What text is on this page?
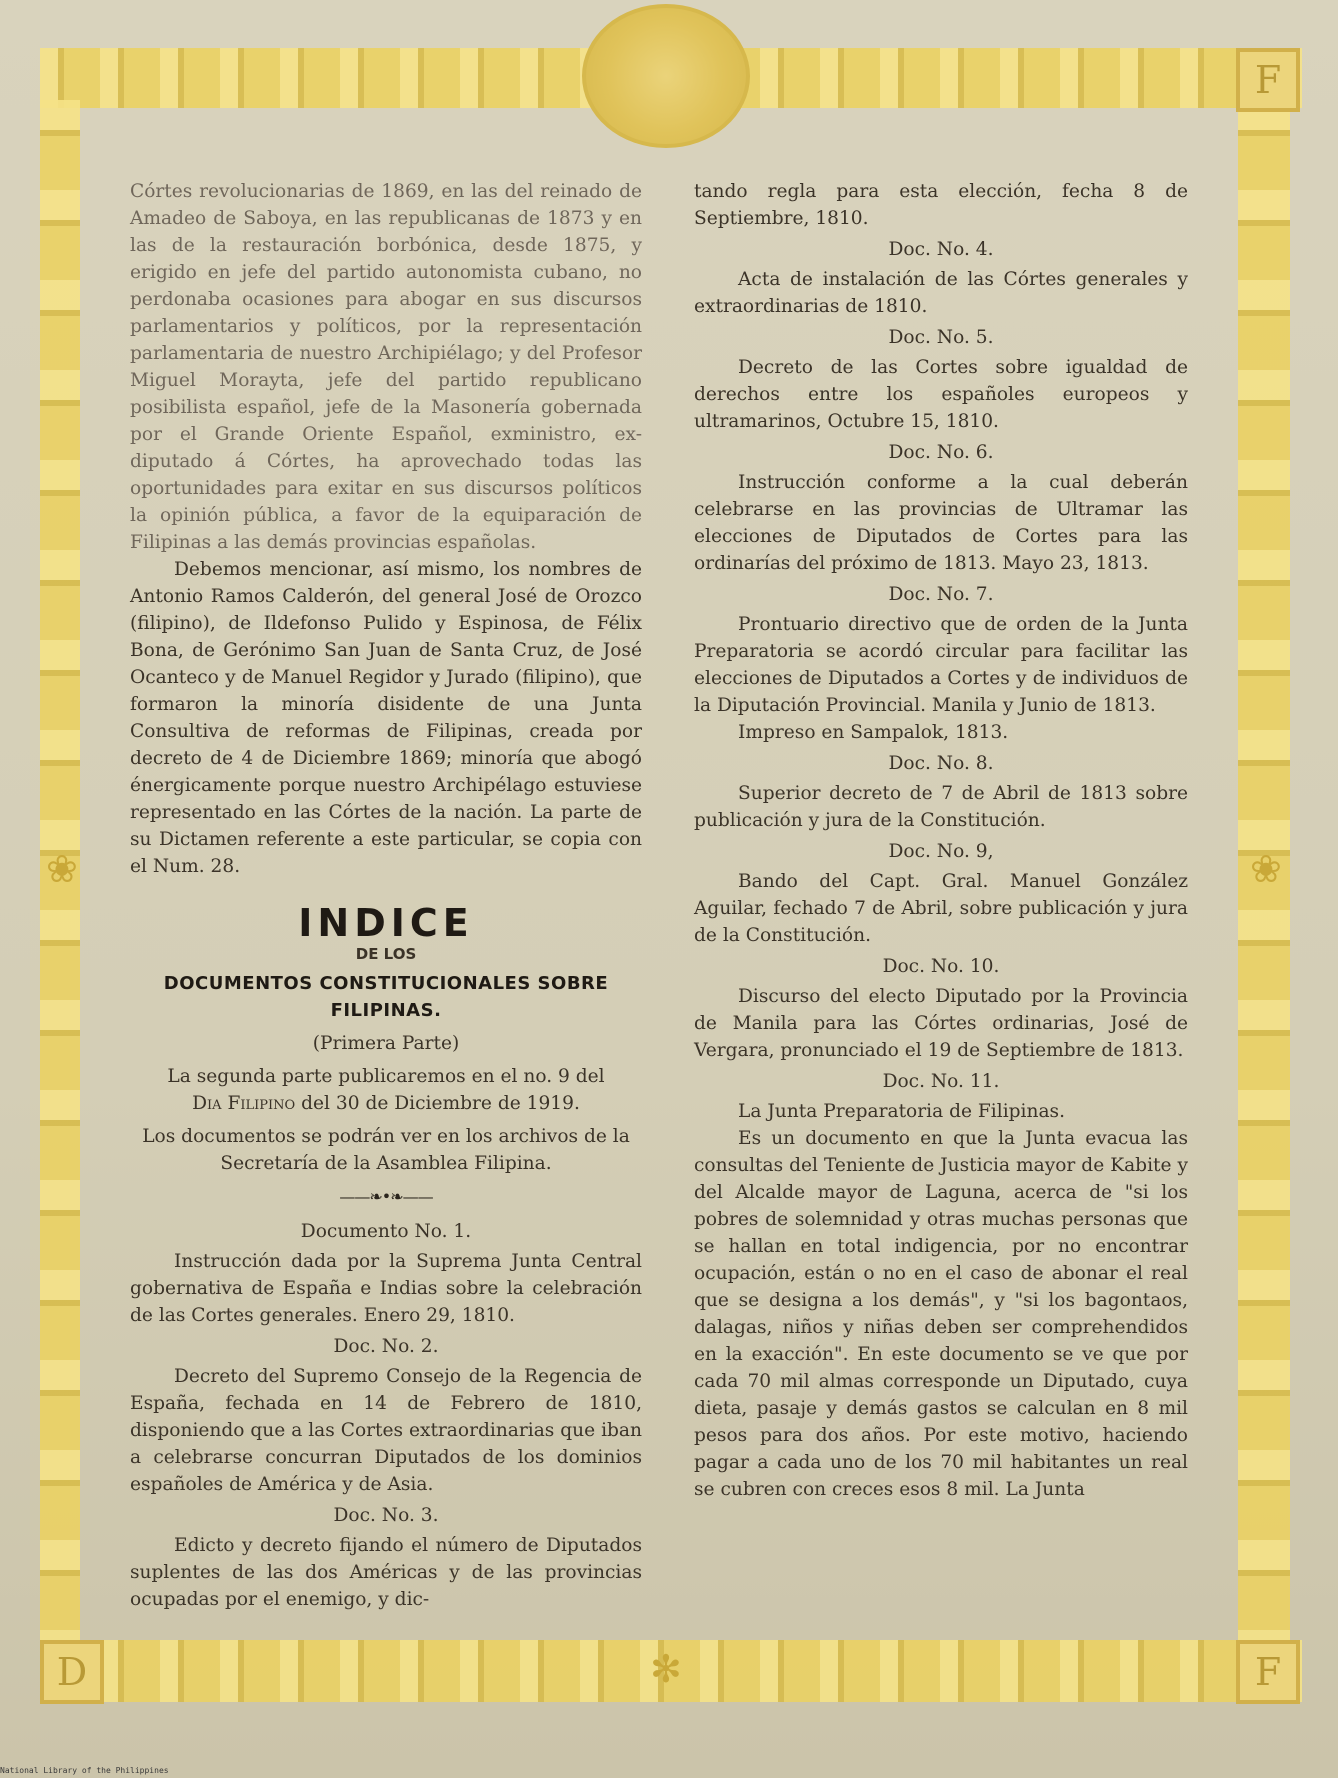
F
D	F
❀	❀
✻

Córtes revolucionarias de 1869, en las del reinado de Amadeo de Saboya, en las republicanas de 1873 y en las de la restauración borbónica, desde 1875, y erigido en jefe del partido autonomista cubano, no perdonaba ocasiones para abogar en sus discursos parlamentarios y políticos, por la representación parlamentaria de nuestro Archipiélago; y del Profesor Miguel Morayta, jefe del partido republicano posibilista español, jefe de la Masonería gobernada por el Grande Oriente Español, exministro, ex-diputado á Córtes, ha aprovechado todas las oportunidades para exitar en sus discursos políticos la opinión pública, a favor de la equiparación de Filipinas a las demás provincias españolas.

Debemos mencionar, así mismo, los nombres de Antonio Ramos Calderón, del general José de Orozco (filipino), de Ildefonso Pulido y Espinosa, de Félix Bona, de Gerónimo San Juan de Santa Cruz, de José Ocanteco y de Manuel Regidor y Jurado (filipino), que formaron la minoría disidente de una Junta Consultiva de reformas de Filipinas, creada por decreto de 4 de Diciembre 1869; minoría que abogó énergicamente porque nuestro Archipélago estuviese representado en las Córtes de la nación. La parte de su Dictamen referente a este particular, se copia con el Num. 28.

INDICE
DE LOS
DOCUMENTOS CONSTITUCIONALES SOBRE FILIPINAS.
(Primera Parte)
La segunda parte publicaremos en el no. 9 del
Dia Filipino del 30 de Diciembre de 1919.
Los documentos se podrán ver en los archivos de la Secretaría de la Asamblea Filipina.
——❧•❧——
Documento No. 1.

Instrucción dada por la Suprema Junta Central gobernativa de España e Indias sobre la celebración de las Cortes generales. Enero 29, 1810.

Doc. No. 2.

Decreto del Supremo Consejo de la Regencia de España, fechada en 14 de Febrero de 1810, disponiendo que a las Cortes extraordinarias que iban a celebrarse concurran Diputados de los dominios españoles de América y de Asia.

Doc. No. 3.

Edicto y decreto fijando el número de Diputados suplentes de las dos Américas y de las provincias ocupadas por el enemigo, y dic-

tando regla para esta elección, fecha 8 de Septiembre, 1810.

Doc. No. 4.

Acta de instalación de las Córtes generales y extraordinarias de 1810.

Doc. No. 5.

Decreto de las Cortes sobre igualdad de derechos entre los españoles europeos y ultramarinos, Octubre 15, 1810.

Doc. No. 6.

Instrucción conforme a la cual deberán celebrarse en las provincias de Ultramar las elecciones de Diputados de Cortes para las ordinarías del próximo de 1813. Mayo 23, 1813.

Doc. No. 7.

Prontuario directivo que de orden de la Junta Preparatoria se acordó circular para facilitar las elecciones de Diputados a Cortes y de individuos de la Diputación Provincial. Manila y Junio de 1813.

Impreso en Sampalok, 1813.

Doc. No. 8.

Superior decreto de 7 de Abril de 1813 sobre publicación y jura de la Constitución.

Doc. No. 9,

Bando del Capt. Gral. Manuel González Aguilar, fechado 7 de Abril, sobre publicación y jura de la Constitución.

Doc. No. 10.

Discurso del electo Diputado por la Provincia de Manila para las Córtes ordinarias, José de Vergara, pronunciado el 19 de Septiembre de 1813.

Doc. No. 11.

La Junta Preparatoria de Filipinas.

Es un documento en que la Junta evacua las consultas del Teniente de Justicia mayor de Kabite y del Alcalde mayor de Laguna, acerca de "si los pobres de solemnidad y otras muchas personas que se hallan en total indigencia, por no encontrar ocupación, están o no en el caso de abonar el real que se designa a los demás", y "si los bagontaos, dalagas, niños y niñas deben ser comprehendidos en la exacción". En este documento se ve que por cada 70 mil almas corresponde un Diputado, cuya dieta, pasaje y demás gastos se calculan en 8 mil pesos para dos años. Por este motivo, haciendo pagar a cada uno de los 70 mil habitantes un real se cubren con creces esos 8 mil. La Junta

National Library of the Philippines
